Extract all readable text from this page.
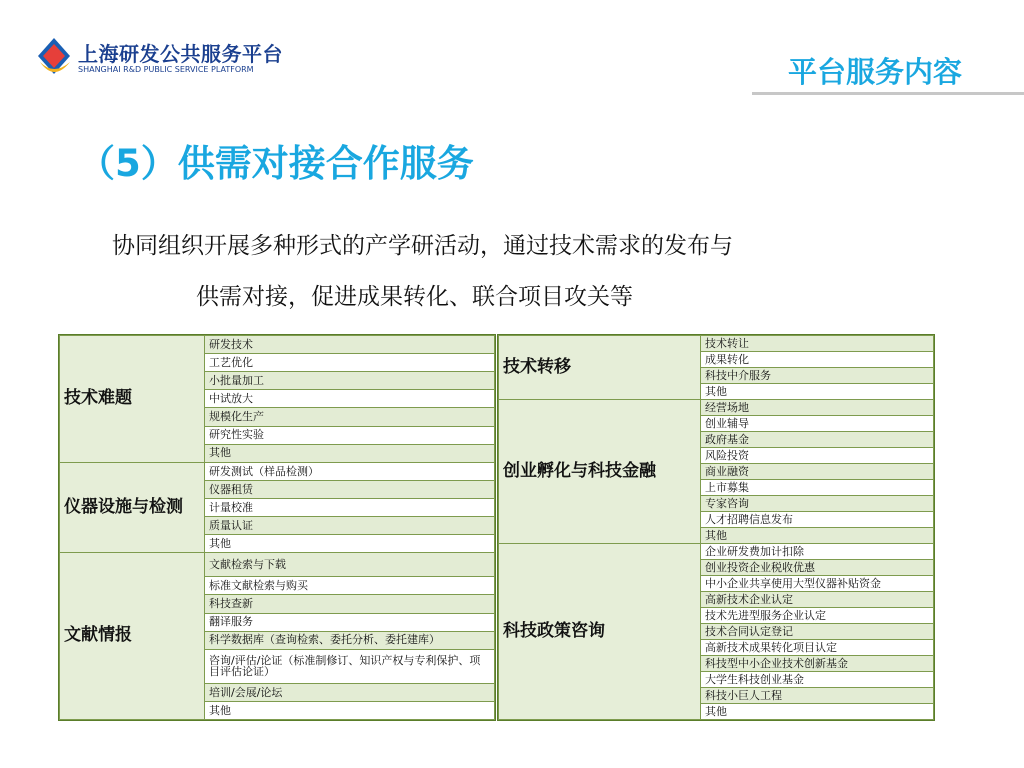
上海研发公共服务平台
SHANGHAI R&D PUBLIC SERVICE PLATFORM	平台服务内容
（5）供需对接合作服务
协同组织开展多种形式的产学研活动，通过技术需求的发布与
供需对接，促进成果转化、联合项目攻关等
技术难题	研发技术
	工艺优化
	小批量加工
	中试放大
	规模化生产
	研究性实验
	其他
仪器设施与检测	研发测试（样品检测）
	仪器租赁
	计量校准
	质量认证
	其他
文献情报	文献检索与下载
	标准文献检索与购买
	科技查新
	翻译服务
	科学数据库（查询检索、委托分析、委托建库）
	咨询/评估/论证（标准制修订、知识产权与专利保护、项目评估论证）
	培训/会展/论坛
	其他
技术转移	技术转让
	成果转化
	科技中介服务
	其他
创业孵化与科技金融	经营场地
	创业辅导
	政府基金
	风险投资
	商业融资
	上市募集
	专家咨询
	人才招聘信息发布
	其他
科技政策咨询	企业研发费加计扣除
	创业投资企业税收优惠
	中小企业共享使用大型仪器补贴资金
	高新技术企业认定
	技术先进型服务企业认定
	技术合同认定登记
	高新技术成果转化项目认定
	科技型中小企业技术创新基金
	大学生科技创业基金
	科技小巨人工程
	其他
